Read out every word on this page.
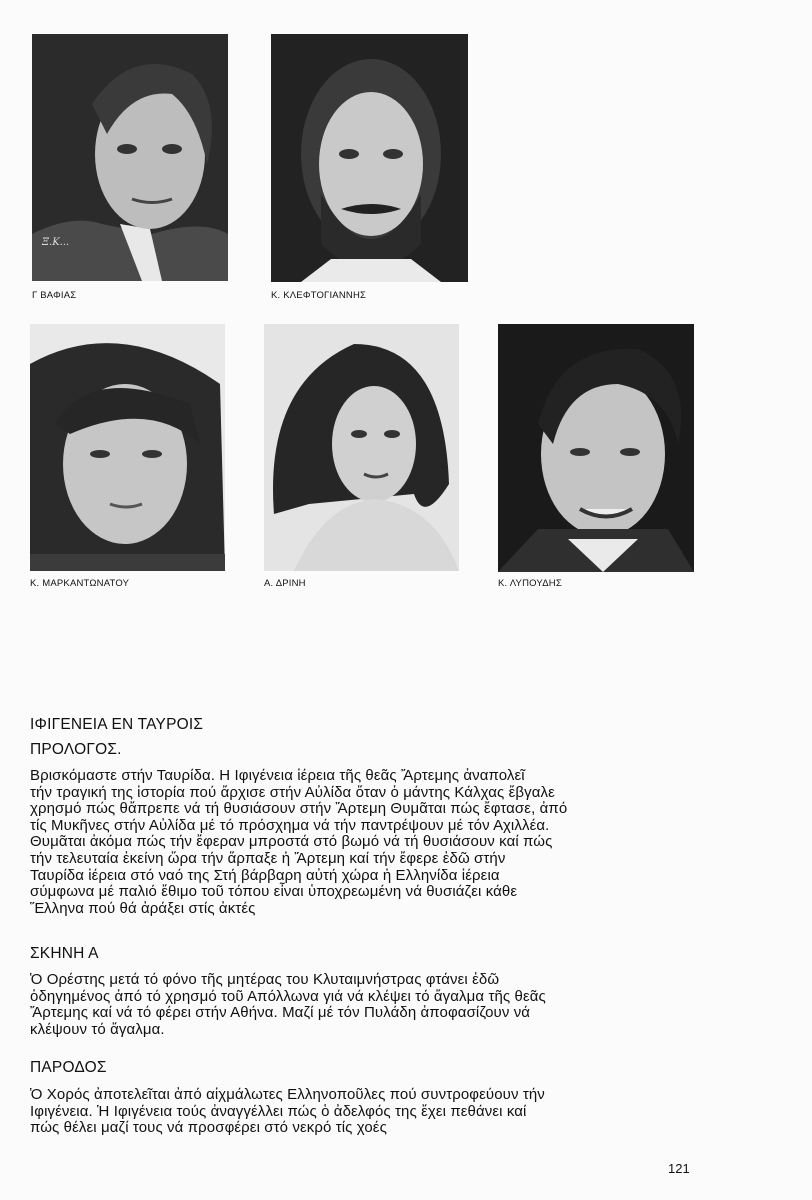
Ξ.Κ...
Γ ΒΑΦΙΑΣ	Κ. ΚΛΕΦΤΟΓΙΑΝΝΗΣ
Κ. ΜΑΡΚΑΝΤΩΝΑΤΟΥ	Α. ΔΡΙΝΗ	Κ. ΛΥΠΟΥΔΗΣ
ΙΦΙΓΕΝΕΙΑ ΕΝ ΤΑΥΡΟΙΣ
ΠΡΟΛΟΓΟΣ.
Βρισκόμαστε στήν Ταυρίδα. Η Ιφιγένεια ἱέρεια τῆς θεᾶς Ἄρτεμης ἀναπολεῖ
τήν τραγική της ἱστορία πού ἄρχισε στήν Αὐλίδα ὅταν ὁ μάντης Κάλχας ἔβγαλε
χρησμό πώς θἄπρεπε νά τή θυσιάσουν στήν Ἄρτεμη Θυμᾶται πώς ἔφτασε, ἀπό
τίς Μυκῆνες στήν Αὐλίδα μέ τό πρόσχημα νά τήν παντρέψουν μέ τόν Αχιλλέα.
Θυμᾶται ἀκόμα πώς τήν ἔφεραν μπροστά στό βωμό νά τή θυσιάσουν καί πώς
τήν τελευταία ἐκείνη ὥρα τήν ἅρπαξε ἡ Ἄρτεμη καί τήν ἔφερε ἐδῶ στήν
Ταυρίδα ἱέρεια στό ναό της Στή βάρβαρη αὐτή χώρα ἡ Ελληνίδα ἱέρεια
σύμφωνα μέ παλιό ἔθιμο τοῦ τόπου εἶναι ὑποχρεωμένη νά θυσιάζει κάθε
Ἕλληνα πού θά ἀράξει στίς ἀκτές
ΣΚΗΝΗ Α
Ὁ Ορέστης μετά τό φόνο τῆς μητέρας του Κλυταιμνήστρας φτάνει ἐδῶ
ὁδηγημένος ἀπό τό χρησμό τοῦ Απόλλωνα γιά νά κλέψει τό ἄγαλμα τῆς θεᾶς
Ἄρτεμης καί νά τό φέρει στήν Αθήνα. Μαζί μέ τόν Πυλάδη ἀποφασίζουν νά
κλέψουν τό ἄγαλμα.
ΠΑΡΟΔΟΣ
Ὁ Χορός ἀποτελεῖται ἀπό αἰχμάλωτες Ελληνοποῦλες πού συντροφεύουν τήν
Ιφιγένεια. Ἡ Ιφιγένεια τούς ἀναγγέλλει πώς ὁ ἀδελφός της ἔχει πεθάνει καί
πώς θέλει μαζί τους νά προσφέρει στό νεκρό τίς χοές
121
